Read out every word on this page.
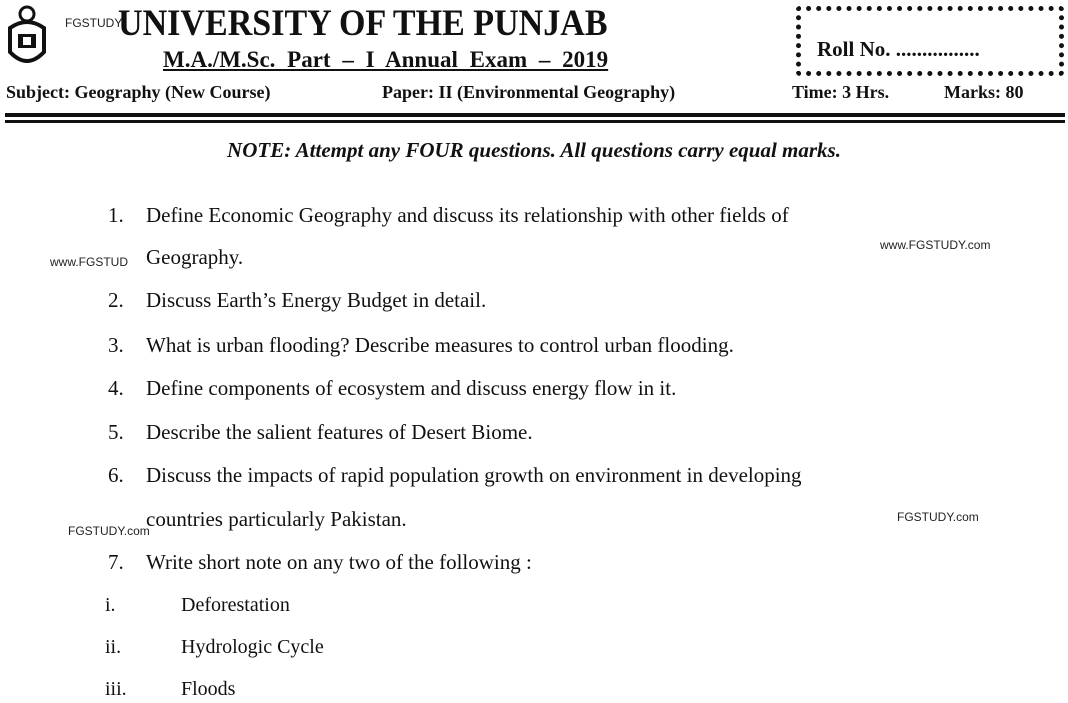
FGSTUDY
UNIVERSITY OF THE PUNJAB
M.A./M.Sc. Part – I Annual Exam – 2019	Roll No. ................
Subject: Geography (New Course)	Paper: II (Environmental Geography)	Time: 3 Hrs.	Marks: 80
NOTE: Attempt any FOUR questions. All questions carry equal marks.
www.FGSTUD
www.FGSTUDY.com
FGSTUDY.com
FGSTUDY.com
1. Define Economic Geography and discuss its relationship with other fields of
Geography.
2. Discuss Earth’s Energy Budget in detail.
3. What is urban flooding? Describe measures to control urban flooding.
4. Define components of ecosystem and discuss energy flow in it.
5. Describe the salient features of Desert Biome.
6. Discuss the impacts of rapid population growth on environment in developing
countries particularly Pakistan.
7. Write short note on any two of the following :
i.	Deforestation
ii.	Hydrologic Cycle
iii.	Floods
